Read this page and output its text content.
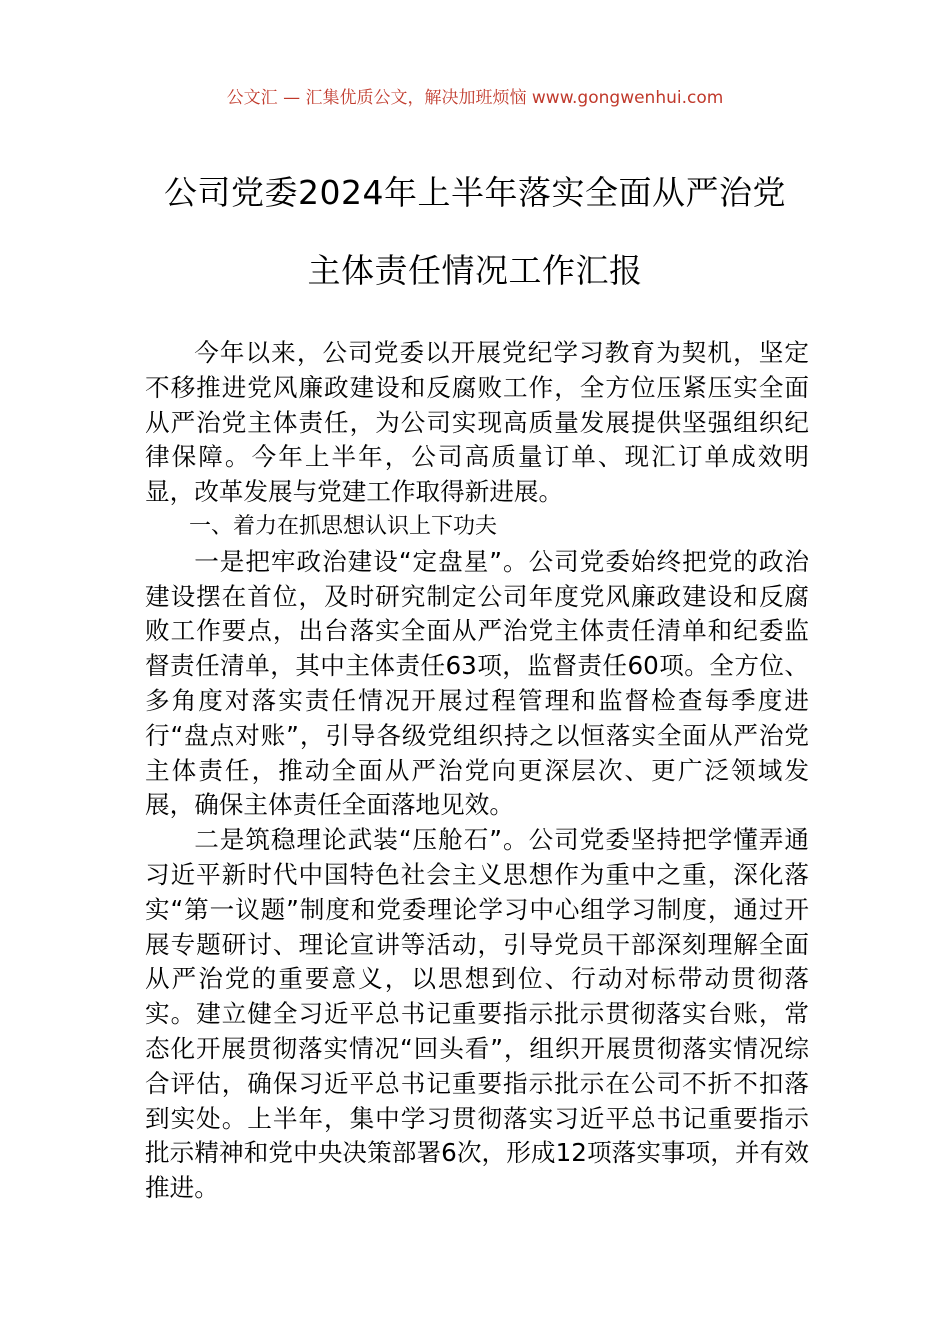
公文汇 — 汇集优质公文，解决加班烦恼 www.gongwenhui.com
公司党委2024年上半年落实全面从严治党
主体责任情况工作汇报

今年以来，公司党委以开展党纪学习教育为契机，坚定不移推进党风廉政建设和反腐败工作，全方位压紧压实全面从严治党主体责任，为公司实现高质量发展提供坚强组织纪律保障。今年上半年，公司高质量订单、现汇订单成效明显，改革发展与党建工作取得新进展。

一、着力在抓思想认识上下功夫

一是把牢政治建设“定盘星”。公司党委始终把党的政治建设摆在首位，及时研究制定公司年度党风廉政建设和反腐败工作要点，出台落实全面从严治党主体责任清单和纪委监督责任清单，其中主体责任63项，监督责任60项。全方位、多角度对落实责任情况开展过程管理和监督检查每季度进行“盘点对账”，引导各级党组织持之以恒落实全面从严治党主体责任，推动全面从严治党向更深层次、更广泛领域发展，确保主体责任全面落地见效。

二是筑稳理论武装“压舱石”。公司党委坚持把学懂弄通习近平新时代中国特色社会主义思想作为重中之重，深化落实“第一议题”制度和党委理论学习中心组学习制度，通过开展专题研讨、理论宣讲等活动，引导党员干部深刻理解全面从严治党的重要意义，以思想到位、行动对标带动贯彻落实。建立健全习近平总书记重要指示批示贯彻落实台账，常态化开展贯彻落实情况“回头看”，组织开展贯彻落实情况综合评估，确保习近平总书记重要指示批示在公司不折不扣落到实处。上半年，集中学习贯彻落实习近平总书记重要指示批示精神和党中央决策部署6次，形成12项落实事项，并有效推进。
